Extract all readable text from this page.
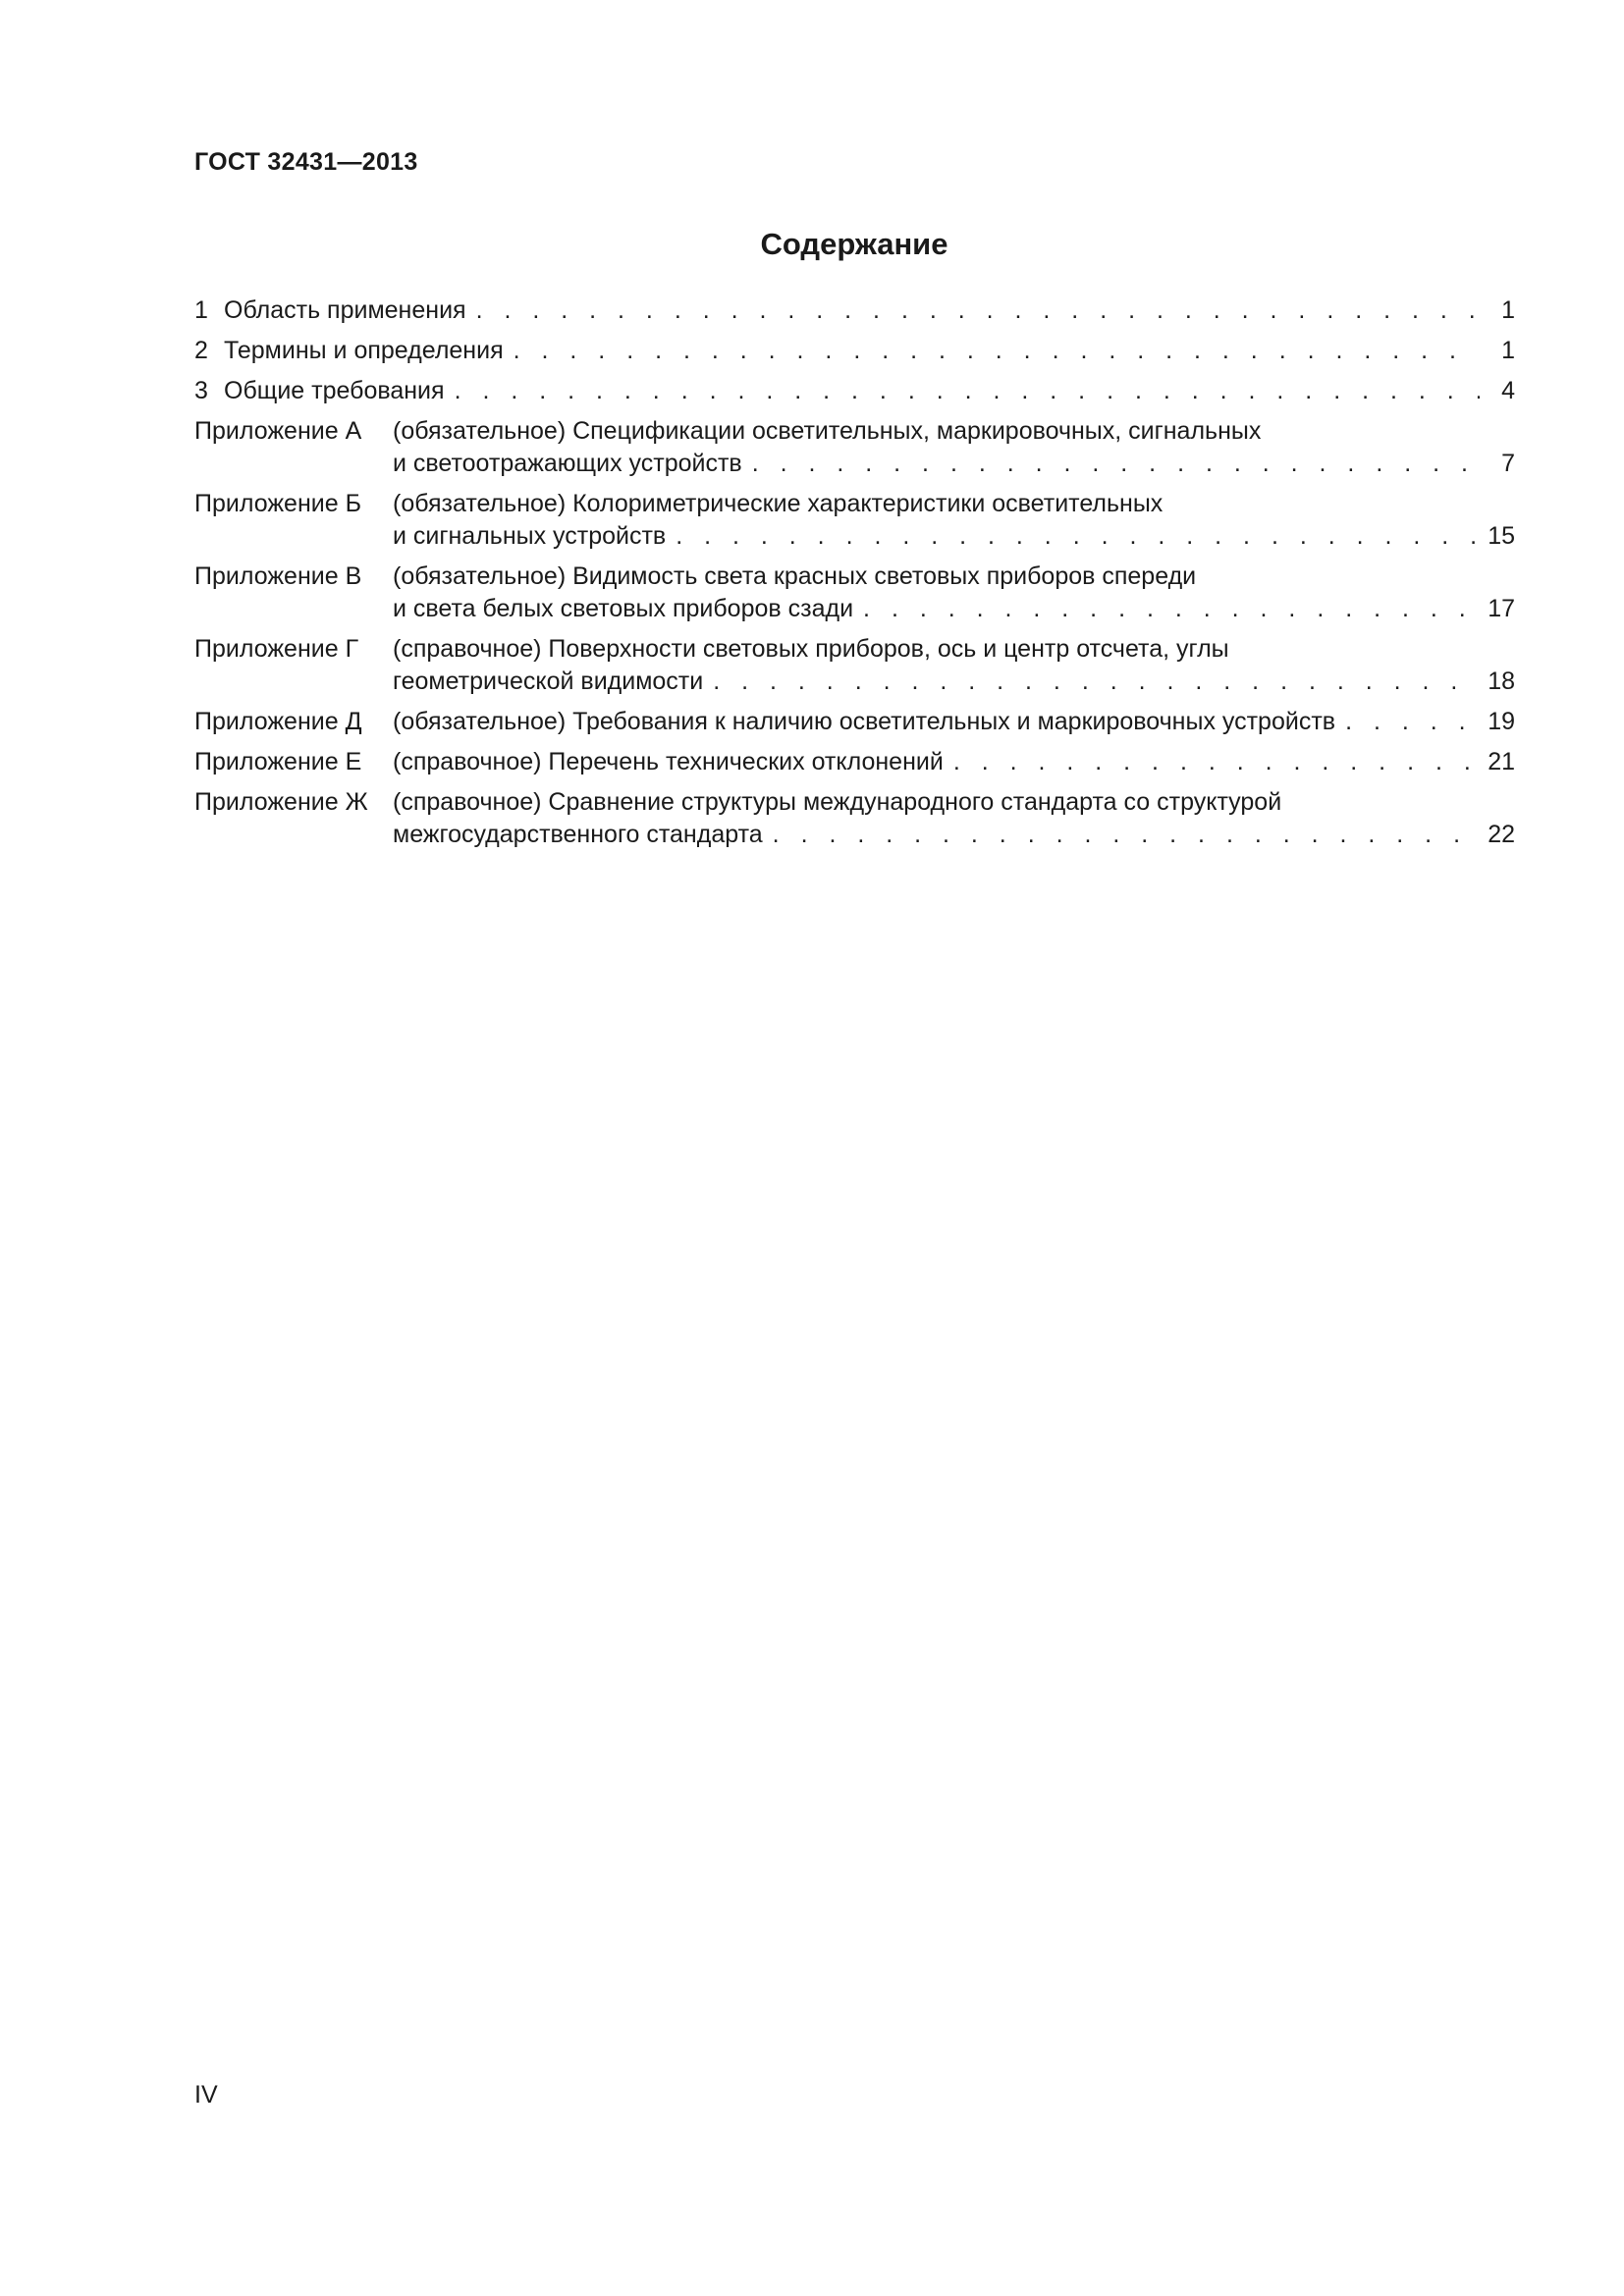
ГОСТ 32431—2013
Содержание
1 Область применения . . .	1
2 Термины и определения . . .	1
3 Общие требования . . .	4
Приложение А	(обязательное) Спецификации осветительных, маркировочных, сигнальных
и светоотражающих устройств . . .	7
Приложение Б	(обязательное) Колориметрические характеристики осветительных
и сигнальных устройств . . .	15
Приложение В	(обязательное) Видимость света красных световых приборов спереди
и света белых световых приборов сзади . . .	17
Приложение Г	(справочное) Поверхности световых приборов, ось и центр отсчета, углы
геометрической видимости . . .	18
Приложение Д	(обязательное) Требования к наличию осветительных и маркировочных устройств . . .	19
Приложение Е	(справочное) Перечень технических отклонений . . .	21
Приложение Ж	(справочное) Сравнение структуры международного стандарта со структурой
межгосударственного стандарта . . .	22
IV
